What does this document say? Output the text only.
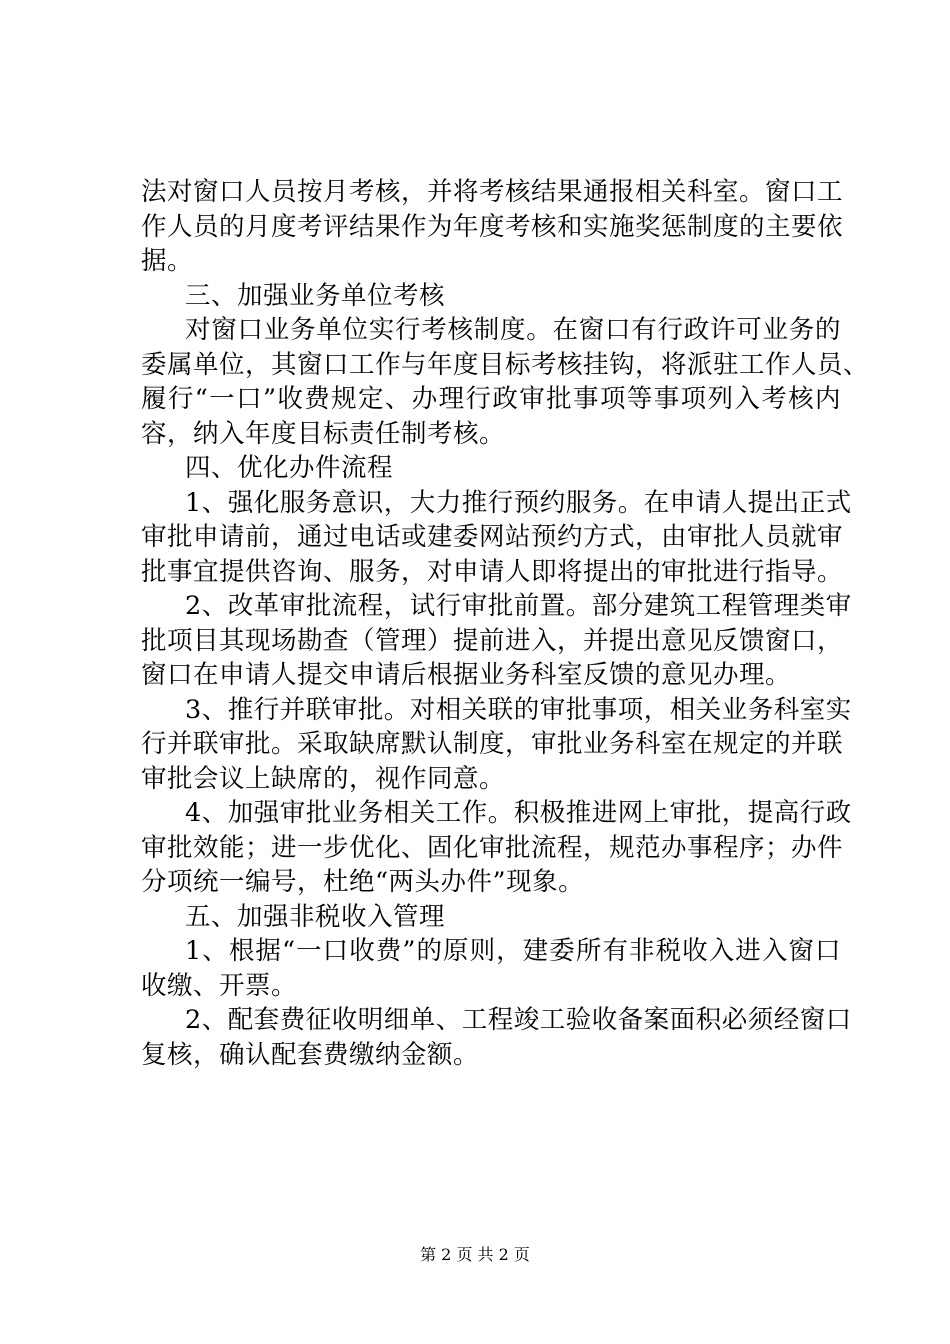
法对窗口人员按月考核，并将考核结果通报相关科室。窗口工
作人员的月度考评结果作为年度考核和实施奖惩制度的主要依
据。
三、加强业务单位考核
对窗口业务单位实行考核制度。在窗口有行政许可业务的
委属单位，其窗口工作与年度目标考核挂钩，将派驻工作人员、
履行“一口”收费规定、办理行政审批事项等事项列入考核内
容，纳入年度目标责任制考核。
四、优化办件流程
1、强化服务意识，大力推行预约服务。在申请人提出正式
审批申请前，通过电话或建委网站预约方式，由审批人员就审
批事宜提供咨询、服务，对申请人即将提出的审批进行指导。
2、改革审批流程，试行审批前置。部分建筑工程管理类审
批项目其现场勘查（管理）提前进入，并提出意见反馈窗口，
窗口在申请人提交申请后根据业务科室反馈的意见办理。
3、推行并联审批。对相关联的审批事项，相关业务科室实
行并联审批。采取缺席默认制度，审批业务科室在规定的并联
审批会议上缺席的，视作同意。
4、加强审批业务相关工作。积极推进网上审批，提高行政
审批效能；进一步优化、固化审批流程，规范办事程序；办件
分项统一编号，杜绝“两头办件”现象。
五、加强非税收入管理
1、根据“一口收费”的原则，建委所有非税收入进入窗口
收缴、开票。
2、配套费征收明细单、工程竣工验收备案面积必须经窗口
复核，确认配套费缴纳金额。
第 2 页 共 2 页
